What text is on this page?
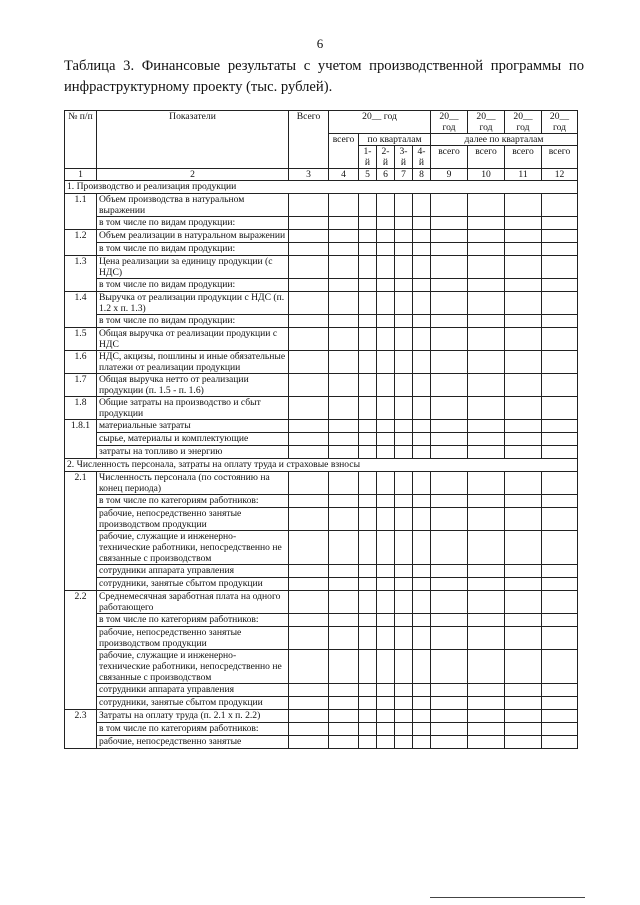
6
Таблица 3. Финансовые результаты с учетом производственной программы по инфраструктурному проекту (тыс. рублей).
№ п/п	Показатели	Всего	20__ год					20__ год	20__ год	20__ год	20__ год
			всего	по кварталам				далее по кварталам			
				1-й	2-й	3-й	4-й	всего	всего	всего	всего
1	2	3	4	5	6	7	8	9	10	11	12
1. Производство и реализация продукции											
1.1	Объем производства в натуральном выражении										
	в том числе по видам продукции:										
1.2	Объем реализации в натуральном выражении										
	в том числе по видам продукции:										
1.3	Цена реализации за единицу продукции (с НДС)										
	в том числе по видам продукции:										
1.4	Выручка от реализации продукции с НДС (п. 1.2 x п. 1.3)										
	в том числе по видам продукции:										
1.5	Общая выручка от реализации продукции с НДС										
1.6	НДС, акцизы, пошлины и иные обязательные платежи от реализации продукции										
1.7	Общая выручка нетто от реализации продукции (п. 1.5 - п. 1.6)										
1.8	Общие затраты на производство и сбыт продукции										
1.8.1	материальные затраты										
	сырье, материалы и комплектующие										
	затраты на топливо и энергию										
2. Численность персонала, затраты на оплату труда и страховые взносы											
2.1	Численность персонала (по состоянию на конец периода)										
	в том числе по категориям работников:										
	рабочие, непосредственно занятые производством продукции										
	рабочие, служащие и инженерно-технические работники, непосредственно не связанные с производством										
	сотрудники аппарата управления										
	сотрудники, занятые сбытом продукции										
2.2	Среднемесячная заработная плата на одного работающего										
	в том числе по категориям работников:										
	рабочие, непосредственно занятые производством продукции										
	рабочие, служащие и инженерно-технические работники, непосредственно не связанные с производством										
	сотрудники аппарата управления										
	сотрудники, занятые сбытом продукции										
2.3	Затраты на оплату труда (п. 2.1 x п. 2.2)										
	в том числе по категориям работников:										
	рабочие, непосредственно занятые										
